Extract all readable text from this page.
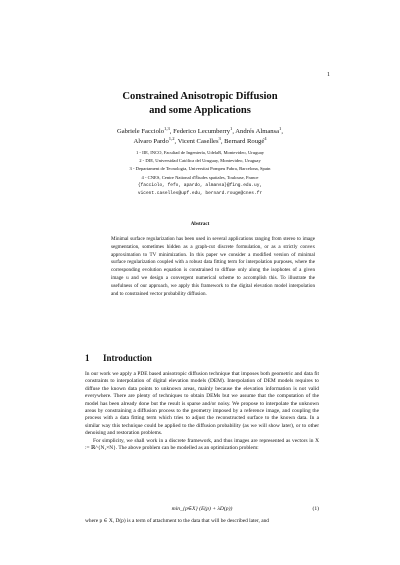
1
Constrained Anisotropic Diffusion
and some Applications
Gabriele Facciolo$^{1,3}$, Federico Lecumberry$^1$, Andrés Almansa$^1$,
Alvaro Pardo$^{1,2}$, Vicent Caselles$^3$, Bernard Rougé$^4$
1 - IIE, INCO, Facultad de Ingeniería, UdelaR, Montevideo, Uruguay
2 - DIE, Universidad Católica del Uruguay, Montevideo, Uruguay
3 - Departament de Tecnologia, Universitat Pompeu Fabra, Barcelona, Spain
4 - CNES, Centre National d'Études spatiales, Toulouse, France
{facciolo, fefo, apardo, almansa}@fing.edu.uy,
vicent.caselles@upf.edu, bernard.rouge@cnes.fr
Abstract
Minimal surface regularization has been used in several applications ranging from stereo to image segmentation, sometimes hidden as a graph-cut discrete formulation, or as a strictly convex approximation to TV minimization. In this paper we consider a modified version of minimal surface regularization coupled with a robust data fitting term for interpolation purposes, where the corresponding evolution equation is constrained to diffuse only along the isophotes of a given image u and we design a convergent numerical scheme to accomplish this. To illustrate the usefulness of our approach, we apply this framework to the digital elevation model interpolation and to constrained vector probability diffusion.
1 Introduction

In our work we apply a PDE based anisotropic diffusion technique that imposes both geometric and data fit constraints to interpolation of digital elevation models (DEM). Interpolation of DEM models requires to diffuse the known data points to unknown areas, mainly because the elevation information is not valid everywhere. There are plenty of techniques to obtain DEMs but we assume that the computation of the model has been already done but the result is sparse and/or noisy. We propose to interpolate the unknown areas by constraining a diffusion process to the geometry imposed by a reference image, and coupling the process with a data fitting term which tries to adjust the reconstructed surface to the known data. In a similar way this technique could be applied to the diffusion probability (as we will show later), or to other denoising and restoration problems.

For simplicity, we shall work in a discrete framework, and thus images are represented as vectors in X := ℝ^{N₁×N}. The above problem can be modelled as an optimization problem:

min_{p∈X} (E(p) + λD(p))	(1)
where p ∈ X, D(p) is a term of attachment to the data that will be described later, and
